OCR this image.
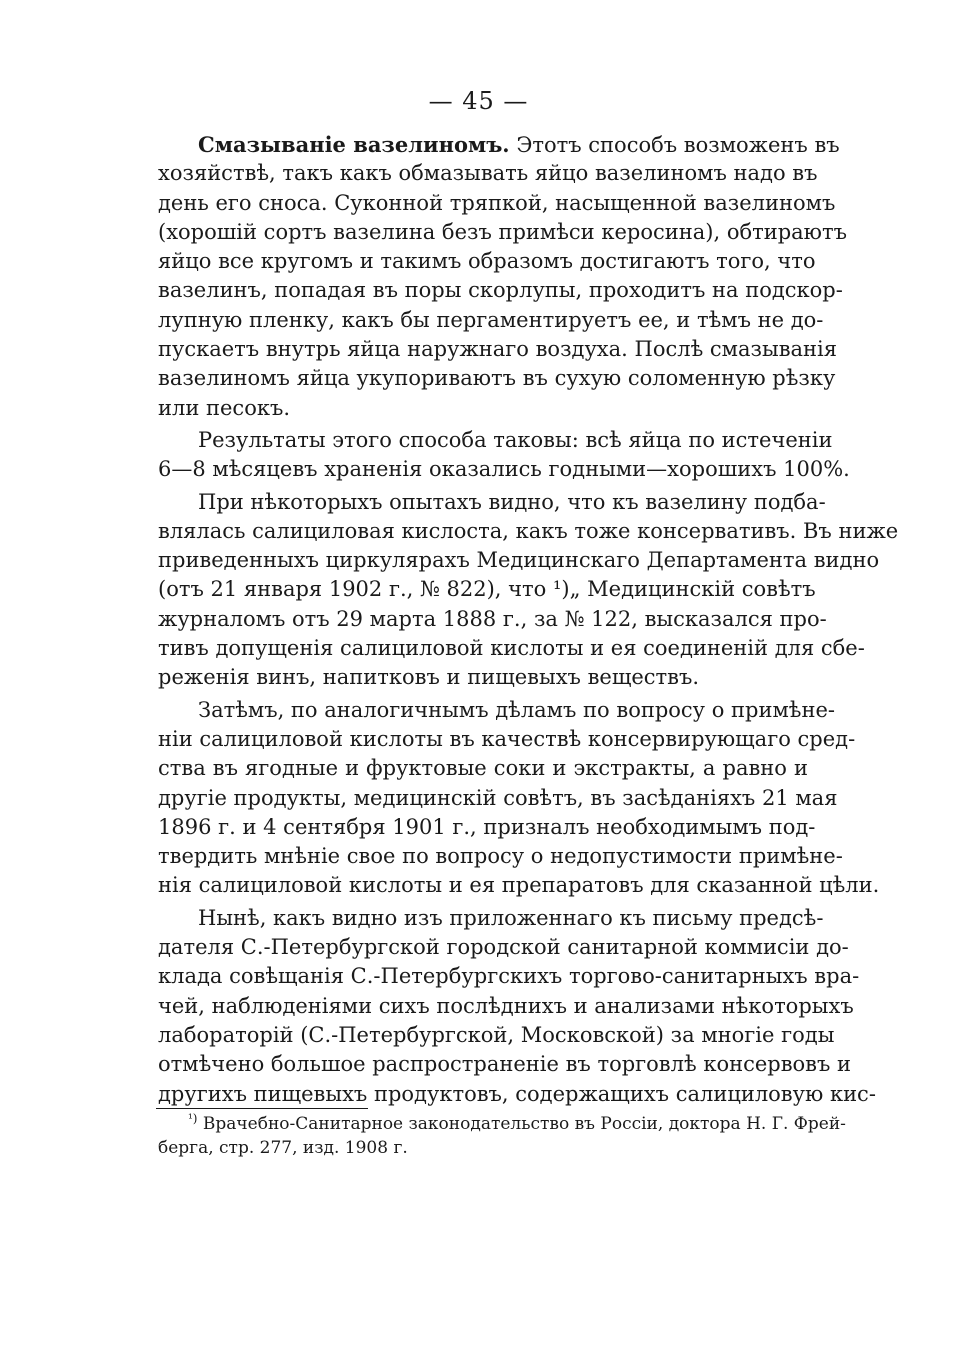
— 45 —
Смазыванiе вазелиномъ. Этотъ способъ возможенъ въ
хозяйствѣ, такъ какъ обмазывать яйцо вазелиномъ надо въ
день его сноса. Суконной тряпкой, насыщенной вазелиномъ
(хорошiй сортъ вазелина безъ примѣси керосина), обтираютъ
яйцо все кругомъ и такимъ образомъ достигаютъ того, что
вазелинъ, попадая въ поры скорлупы, проходитъ на подскор-
лупную пленку, какъ бы пергаментируетъ ее, и тѣмъ не до-
пускаетъ внутрь яйца наружнаго воздуха. Послѣ смазыванiя
вазелиномъ яйца укупориваютъ въ сухую соломенную рѣзку
или песокъ.
Результаты этого способа таковы: всѣ яйца по истеченiи
6—8 мѣсяцевъ храненiя оказались годными—хорошихъ 100%.
При нѣкоторыхъ опытахъ видно, что къ вазелину подба-
влялась салициловая кислоста, какъ тоже консервативъ. Въ ниже
приведенныхъ циркулярахъ Медицинскаго Департамента видно
(отъ 21 января 1902 г., № 822), что ¹)„ Медицинскiй совѣтъ
журналомъ отъ 29 марта 1888 г., за № 122, высказался про-
тивъ допущенiя салициловой кислоты и ея соединенiй для сбе-
реженiя винъ, напитковъ и пищевыхъ веществъ.
Затѣмъ, по аналогичнымъ дѣламъ по вопросу о примѣне-
нiи салициловой кислоты въ качествѣ консервирующаго сред-
ства въ ягодные и фруктовые соки и экстракты, а равно и
другiе продукты, медицинскiй совѣтъ, въ засѣданiяхъ 21 мая
1896 г. и 4 сентября 1901 г., призналъ необходимымъ под-
твердить мнѣнiе свое по вопросу о недопустимости примѣне-
нiя салициловой кислоты и ея препаратовъ для сказанной цѣли.
Нынѣ, какъ видно изъ приложеннаго къ письму предсѣ-
дателя С.-Петербургской городской санитарной коммисiи до-
клада совѣщанiя С.-Петербургскихъ торгово-санитарныхъ вра-
чей, наблюденiями сихъ послѣднихъ и анализами нѣкоторыхъ
лабораторiй (С.-Петербургской, Московской) за многiе годы
отмѣчено большое распространенiе въ торговлѣ консервовъ и
другихъ пищевыхъ продуктовъ, содержащихъ салициловую кис-
$^{^1)}$ Врачебно-Санитарное законодательство въ Россiи, доктора Н. Г. Фрей-
берга, стр. 277, изд. 1908 г.
